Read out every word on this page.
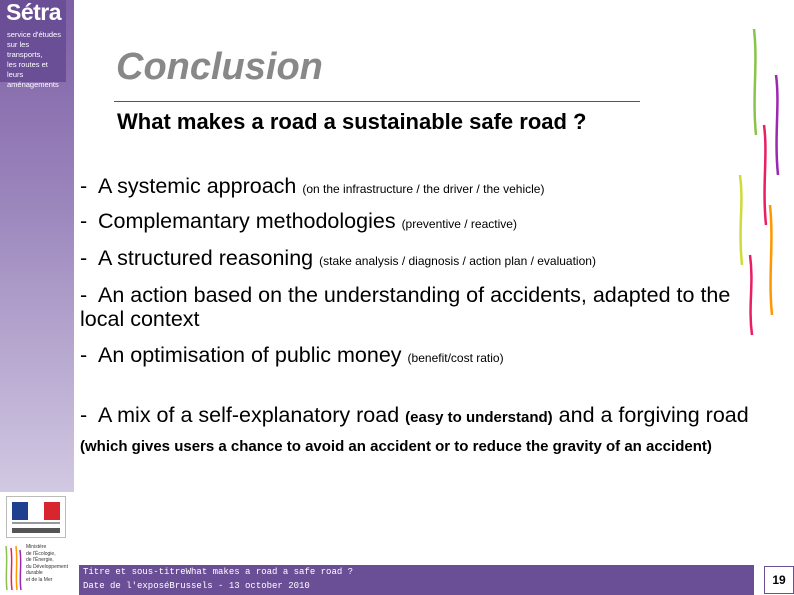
Sétra
service d'études
sur les transports,
les routes et leurs
aménagements
Ministère
de l'Écologie,
de l'Énergie,
du Développement
durable
et de la Mer
Conclusion
What makes a road a sustainable safe road ?

- A systemic approach (on the infrastructure / the driver / the vehicle)

- Complemantary methodologies (preventive / reactive)

- A structured reasoning (stake analysis / diagnosis / action plan / evaluation)

- An action based on the understanding of accidents, adapted to the local context

- An optimisation of public money (benefit/cost ratio)

- A mix of a self-explanatory road (easy to understand) and a forgiving road (which gives users a chance to avoid an accident or to reduce the gravity of an accident)

Titre et sous-titreWhat makes a road a safe road ?

Date de l'exposéBrussels - 13 october 2010	19
